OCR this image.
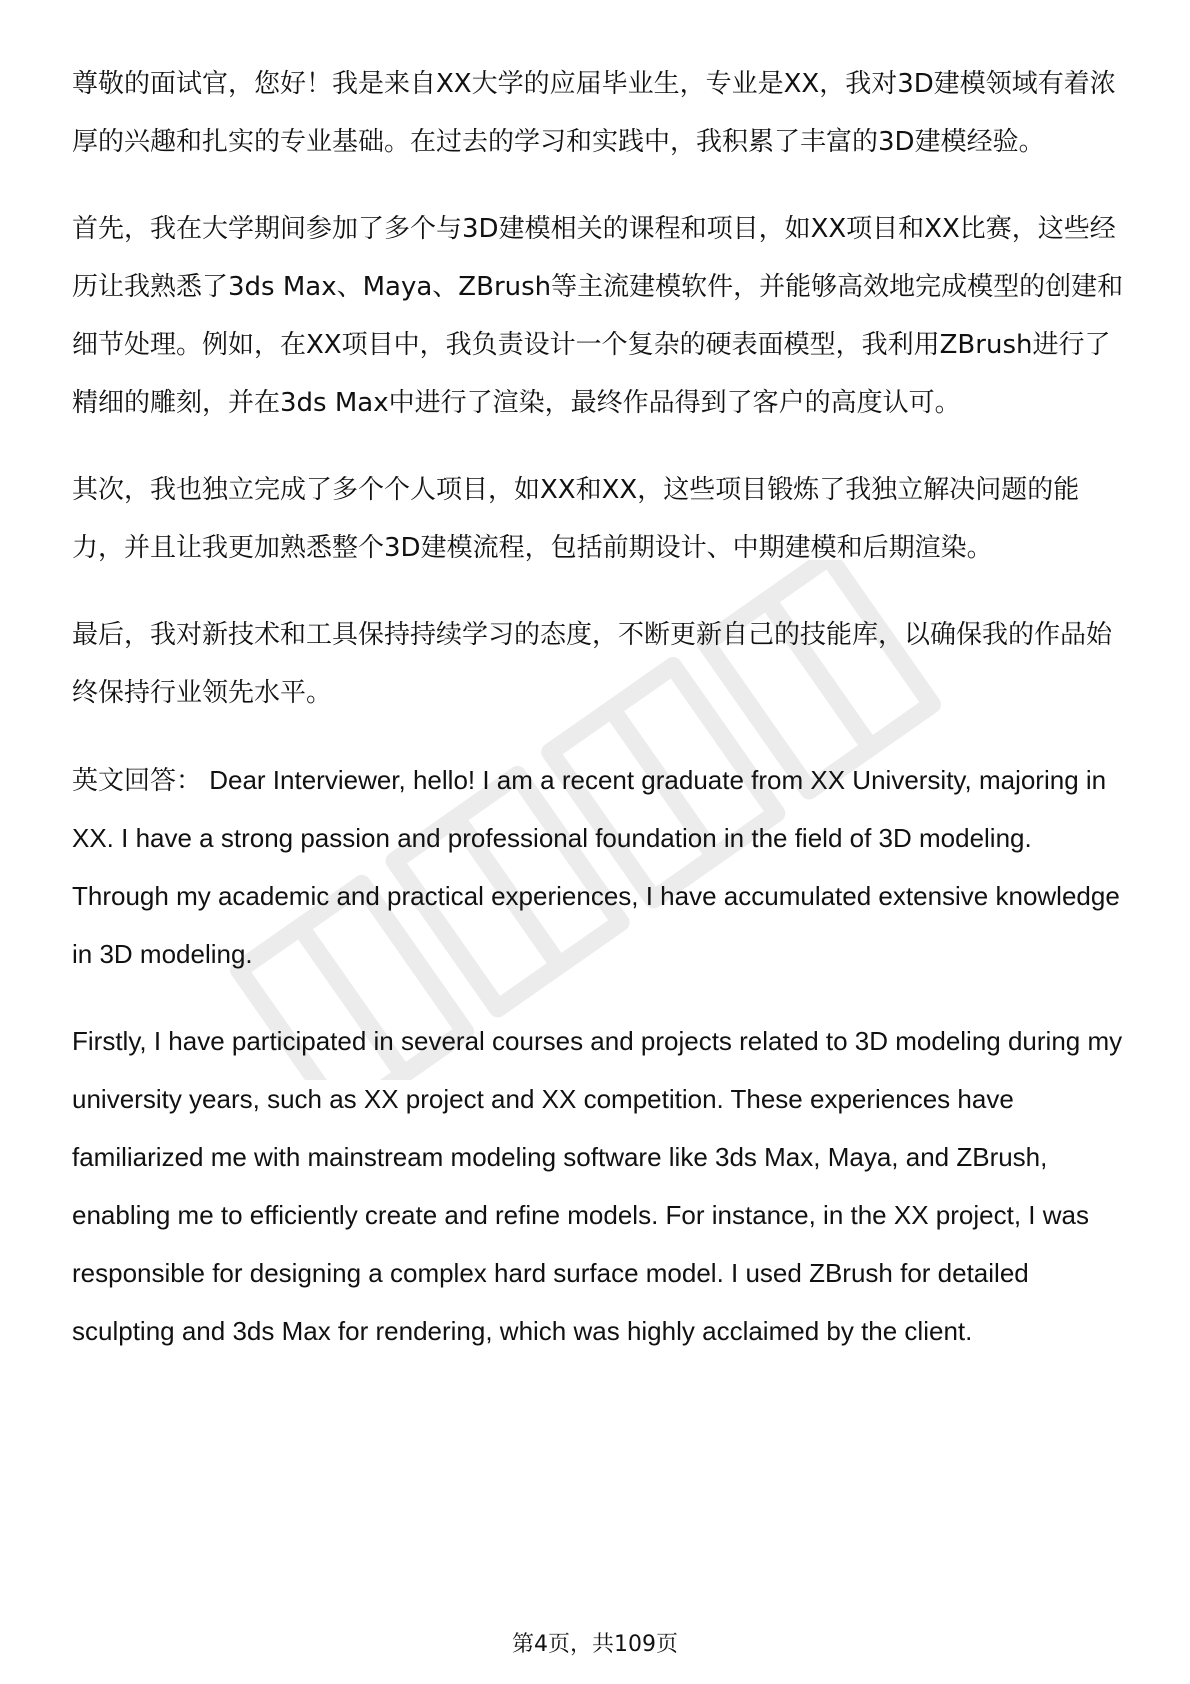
尊敬的面试官，您好！我是来自XX大学的应届毕业生，专业是XX，我对3D建模领域有着浓厚的兴趣和扎实的专业基础。在过去的学习和实践中，我积累了丰富的3D建模经验。

首先，我在大学期间参加了多个与3D建模相关的课程和项目，如XX项目和XX比赛，这些经历让我熟悉了3ds Max、Maya、ZBrush等主流建模软件，并能够高效地完成模型的创建和细节处理。例如，在XX项目中，我负责设计一个复杂的硬表面模型，我利用ZBrush进行了精细的雕刻，并在3ds Max中进行了渲染，最终作品得到了客户的高度认可。

其次，我也独立完成了多个个人项目，如XX和XX，这些项目锻炼了我独立解决问题的能力，并且让我更加熟悉整个3D建模流程，包括前期设计、中期建模和后期渲染。

最后，我对新技术和工具保持持续学习的态度，不断更新自己的技能库，以确保我的作品始终保持行业领先水平。

英文回答： Dear Interviewer, hello! I am a recent graduate from XX University, majoring in XX. I have a strong passion and professional foundation in the field of 3D modeling. Through my academic and practical experiences, I have accumulated extensive knowledge in 3D modeling.

Firstly, I have participated in several courses and projects related to 3D modeling during my university years, such as XX project and XX competition. These experiences have familiarized me with mainstream modeling software like 3ds Max, Maya, and ZBrush, enabling me to efficiently create and refine models. For instance, in the XX project, I was responsible for designing a complex hard surface model. I used ZBrush for detailed sculpting and 3ds Max for rendering, which was highly acclaimed by the client.

第4页，共109页
